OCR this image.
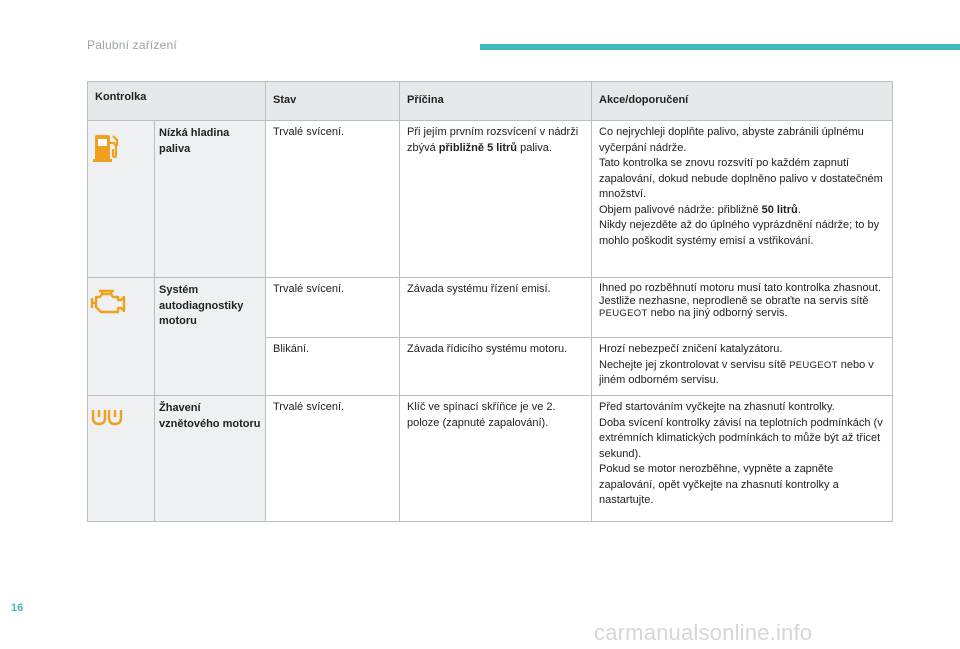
Palubní zařízení
Kontrolka		Stav	Příčina	Akce/doporučení
	Nízká hladina paliva	Trvalé svícení.	Při jejím prvním rozsvícení v nádrži zbývá přibližně 5 litrů paliva.	Co nejrychleji doplňte palivo, abyste zabránili úplnému vyčerpání nádrže.
Tato kontrolka se znovu rozsvítí po každém zapnutí zapalování, dokud nebude doplněno palivo v dostatečném množství.
Objem palivové nádrže: přibližně 50 litrů.
Nikdy nejezděte až do úplného vyprázdnění nádrže; to by mohlo poškodit systémy emisí a vstřikování.

	Systém autodiagnostiky motoru	Trvalé svícení.	Závada systému řízení emisí.	Ihned po rozběhnutí motoru musí tato kontrolka zhasnout.
Jestliže nezhasne, neprodleně se obraťte na servis sítě PEUGEOT nebo na jiný odborný servis.

		Blikání.	Závada řídicího systému motoru.	Hrozí nebezpečí zničení katalyzátoru.
Nechejte jej zkontrolovat v servisu sítě PEUGEOT nebo v jiném odborném servisu.

	Žhavení vznětového motoru	Trvalé svícení.	Klíč ve spínací skříňce je ve 2. poloze (zapnuté zapalování).	Před startováním vyčkejte na zhasnutí kontrolky.
Doba svícení kontrolky závisí na teplotních podmínkách (v extrémních klimatických podmínkách to může být až třicet sekund).
Pokud se motor nerozběhne, vypněte a zapněte zapalování, opět vyčkejte na zhasnutí kontrolky a nastartujte.
16
carmanualsonline.info
